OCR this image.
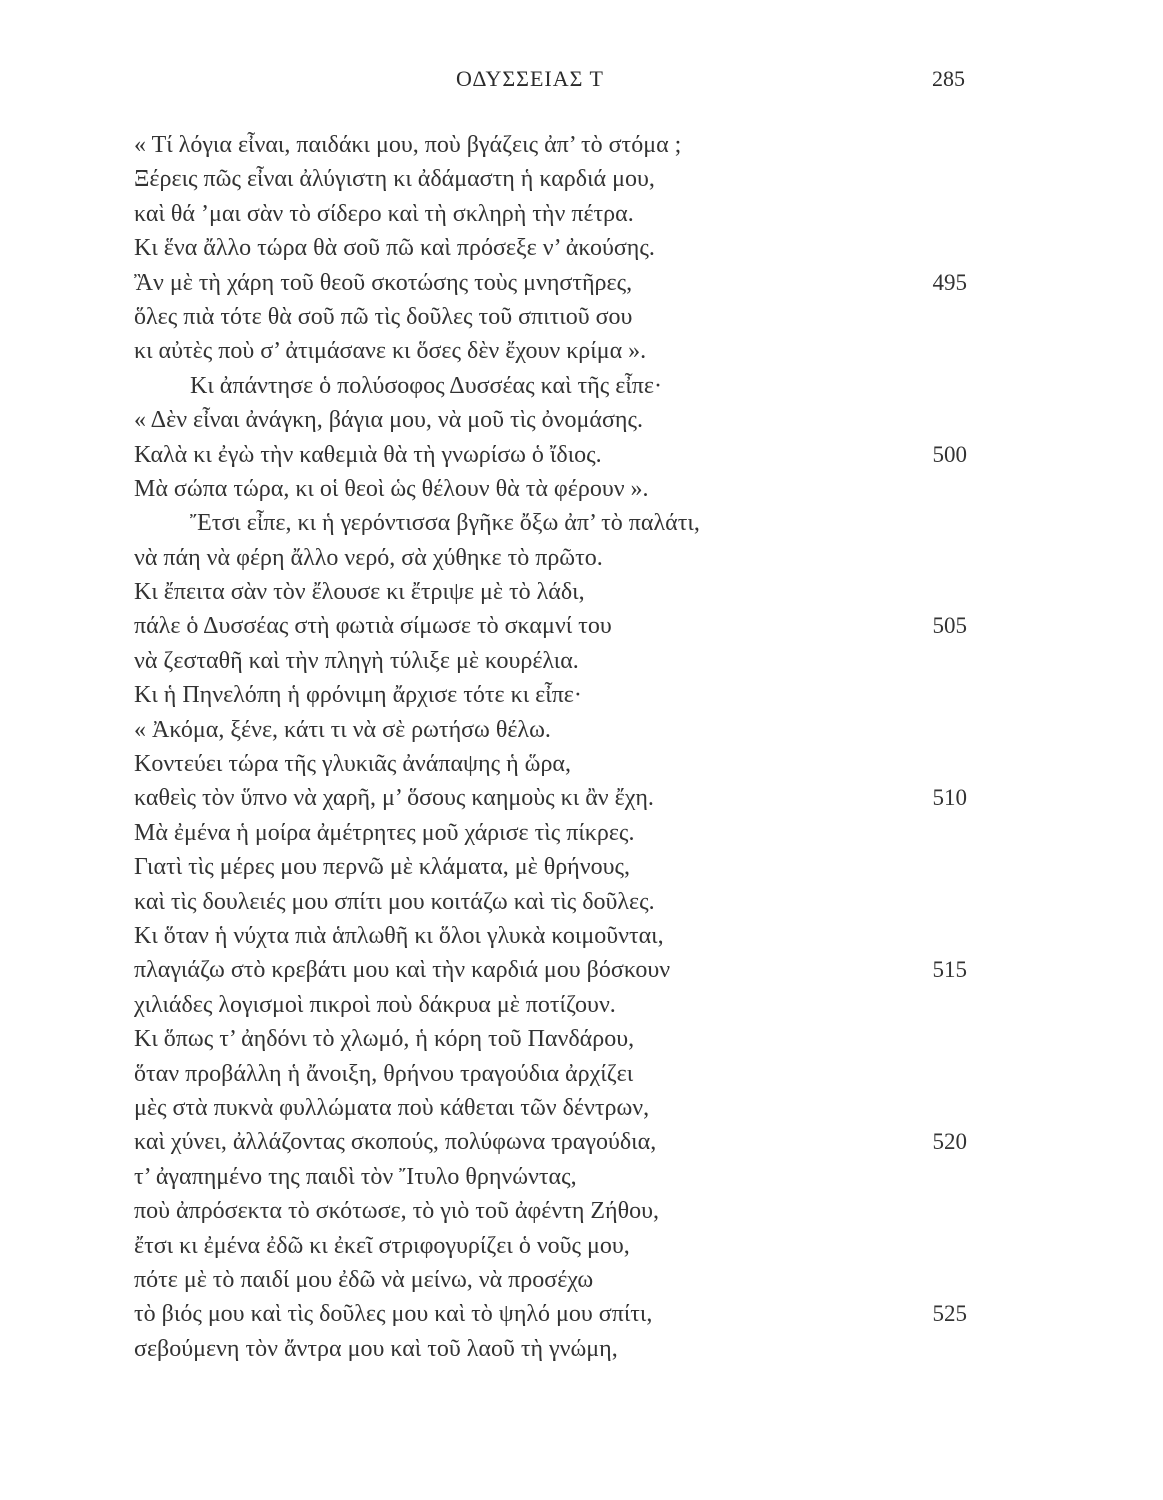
ΟΔΥΣΣΕΙΑΣ Τ	285
« Τί λόγια εἶναι, παιδάκι μου, ποὺ βγάζεις ἀπ’ τὸ στόμα ;
Ξέρεις πῶς εἶναι ἀλύγιστη κι ἀδάμαστη ἡ καρδιά μου,
καὶ θά ’μαι σὰν τὸ σίδερο καὶ τὴ σκληρὴ τὴν πέτρα.
Κι ἕνα ἄλλο τώρα θὰ σοῦ πῶ καὶ πρόσεξε ν’ ἀκούσης.
Ἂν μὲ τὴ χάρη τοῦ θεοῦ σκοτώσης τοὺς μνηστῆρες,	495
ὅλες πιὰ τότε θὰ σοῦ πῶ τὶς δοῦλες τοῦ σπιτιοῦ σου
κι αὐτὲς ποὺ σ’ ἀτιμάσανε κι ὅσες δὲν ἔχουν κρίμα ».
Κι ἀπάντησε ὁ πολύσοφος Δυσσέας καὶ τῆς εἶπε·
« Δὲν εἶναι ἀνάγκη, βάγια μου, νὰ μοῦ τὶς ὀνομάσης.
Καλὰ κι ἐγὼ τὴν καθεμιὰ θὰ τὴ γνωρίσω ὁ ἴδιος.	500
Μὰ σώπα τώρα, κι οἱ θεοὶ ὡς θέλουν θὰ τὰ φέρουν ».
Ἔτσι εἶπε, κι ἡ γερόντισσα βγῆκε ὄξω ἀπ’ τὸ παλάτι,
νὰ πάη νὰ φέρη ἄλλο νερό, σὰ χύθηκε τὸ πρῶτο.
Κι ἔπειτα σὰν τὸν ἔλουσε κι ἔτριψε μὲ τὸ λάδι,
πάλε ὁ Δυσσέας στὴ φωτιὰ σίμωσε τὸ σκαμνί του	505
νὰ ζεσταθῆ καὶ τὴν πληγὴ τύλιξε μὲ κουρέλια.
Κι ἡ Πηνελόπη ἡ φρόνιμη ἄρχισε τότε κι εἶπε·
« Ἀκόμα, ξένε, κάτι τι νὰ σὲ ρωτήσω θέλω.
Κοντεύει τώρα τῆς γλυκιᾶς ἀνάπαψης ἡ ὥρα,
καθεὶς τὸν ὕπνο νὰ χαρῆ, μ’ ὅσους καημοὺς κι ἂν ἔχη.	510
Μὰ ἐμένα ἡ μοίρα ἀμέτρητες μοῦ χάρισε τὶς πίκρες.
Γιατὶ τὶς μέρες μου περνῶ μὲ κλάματα, μὲ θρήνους,
καὶ τὶς δουλειές μου σπίτι μου κοιτάζω καὶ τὶς δοῦλες.
Κι ὅταν ἡ νύχτα πιὰ ἁπλωθῆ κι ὅλοι γλυκὰ κοιμοῦνται,
πλαγιάζω στὸ κρεβάτι μου καὶ τὴν καρδιά μου βόσκουν	515
χιλιάδες λογισμοὶ πικροὶ ποὺ δάκρυα μὲ ποτίζουν.
Κι ὅπως τ’ ἀηδόνι τὸ χλωμό, ἡ κόρη τοῦ Πανδάρου,
ὅταν προβάλλη ἡ ἄνοιξη, θρήνου τραγούδια ἀρχίζει
μὲς στὰ πυκνὰ φυλλώματα ποὺ κάθεται τῶν δέντρων,
καὶ χύνει, ἀλλάζοντας σκοπούς, πολύφωνα τραγούδια,	520
τ’ ἀγαπημένο της παιδὶ τὸν Ἴτυλο θρηνώντας,
ποὺ ἀπρόσεκτα τὸ σκότωσε, τὸ γιὸ τοῦ ἀφέντη Ζήθου,
ἔτσι κι ἐμένα ἐδῶ κι ἐκεῖ στριφογυρίζει ὁ νοῦς μου,
πότε μὲ τὸ παιδί μου ἐδῶ νὰ μείνω, νὰ προσέχω
τὸ βιός μου καὶ τὶς δοῦλες μου καὶ τὸ ψηλό μου σπίτι,	525
σεβούμενη τὸν ἄντρα μου καὶ τοῦ λαοῦ τὴ γνώμη,
